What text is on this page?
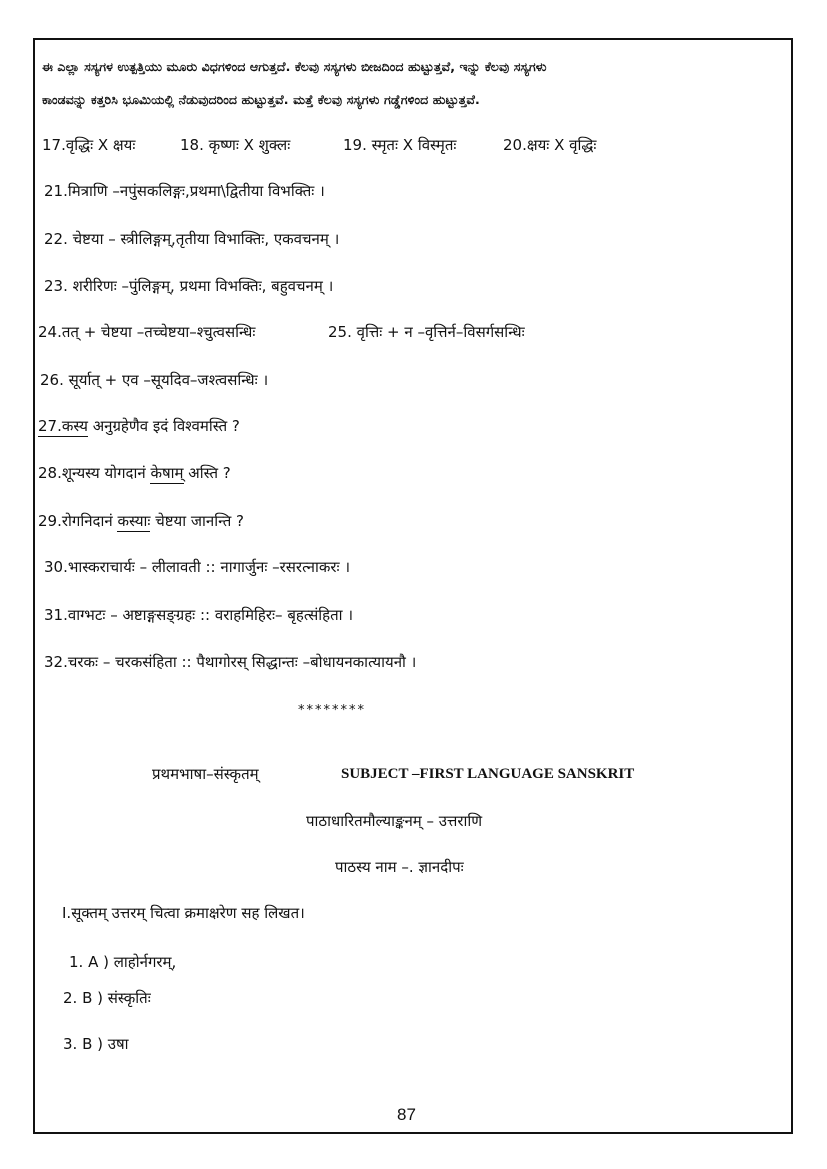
ಈ ಎಲ್ಲಾ ಸಸ್ಯಗಳ ಉತ್ಪತ್ತಿಯು ಮೂರು ವಿಧಗಳಿಂದ ಆಗುತ್ತದೆ. ಕೆಲವು ಸಸ್ಯಗಳು ಬೀಜದಿಂದ ಹುಟ್ಟುತ್ತವೆ, ಇನ್ನು ಕೆಲವು ಸಸ್ಯಗಳು
ಕಾಂಡವನ್ನು ಕತ್ತರಿಸಿ ಭೂಮಿಯಲ್ಲಿ ನೆಡುವುದರಿಂದ ಹುಟ್ಟುತ್ತವೆ. ಮತ್ತೆ ಕೆಲವು ಸಸ್ಯಗಳು ಗಡ್ಡೆಗಳಿಂದ ಹುಟ್ಟುತ್ತವೆ.
17.वृद्धिः X क्षयः	18. कृष्णः X शुक्लः	19. स्मृतः X विस्मृतः	20.क्षयः X वृद्धिः
21.मित्राणि –नपुंसकलिङ्गः,प्रथमा\द्वितीया विभक्तिः ।
22. चेष्टया – स्त्रीलिङ्गम्,तृतीया विभाक्तिः, एकवचनम् ।
23. शरीरिणः –पुंलिङ्गम्, प्रथमा विभक्तिः, बहुवचनम् ।
24.तत् + चेष्टया –तच्चेष्टया–श्चुत्वसन्धिः	25. वृत्तिः + न –वृत्तिर्न–विसर्गसन्धिः
26. सूर्यात् + एव –सूयदिव–जश्त्वसन्धिः ।
27.कस्य अनुग्रहेणैव इदं विश्वमस्ति ?
28.शून्यस्य योगदानं केषाम् अस्ति ?
29.रोगनिदानं कस्याः चेष्टया जानन्ति ?
30.भास्कराचार्यः – लीलावती :: नागार्जुनः –रसरत्नाकरः ।
31.वाग्भटः – अष्टाङ्गसङ्ग्रहः :: वराहमिहिरः– बृहत्संहिता ।
32.चरकः – चरकसंहिता :: पैथागोरस् सिद्धान्तः –बोधायनकात्यायनौ ।
********
प्रथमभाषा–संस्कृतम्	SUBJECT –FIRST LANGUAGE SANSKRIT
पाठाधारितमौल्याङ्कनम् – उत्तराणि
पाठस्य नाम –. ज्ञानदीपः
I.सूक्तम् उत्तरम् चित्वा क्रमाक्षरेण सह लिखत।
1. A ) लाहोर्नगरम्,
2. B ) संस्कृतिः
3. B ) उषा
87
